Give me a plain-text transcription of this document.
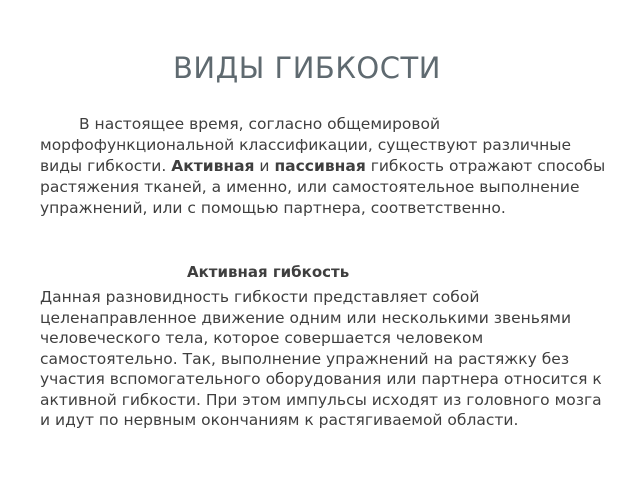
ВИДЫ ГИБКОСТИ

В настоящее время, согласно общемировой морфофункциональной классификации, существуют различные виды гибкости. Активная и пассивная гибкость отражают способы растяжения тканей, а именно, или самостоятельное выполнение упражнений, или с помощью партнера, соответственно.

Активная гибкость

Данная разновидность гибкости представляет собой целенаправленное движение одним или несколькими звеньями человеческого тела, которое совершается человеком самостоятельно. Так, выполнение упражнений на растяжку без участия вспомогательного оборудования или партнера относится к активной гибкости. При этом импульсы исходят из головного мозга и идут по нервным окончаниям к растягиваемой области.
